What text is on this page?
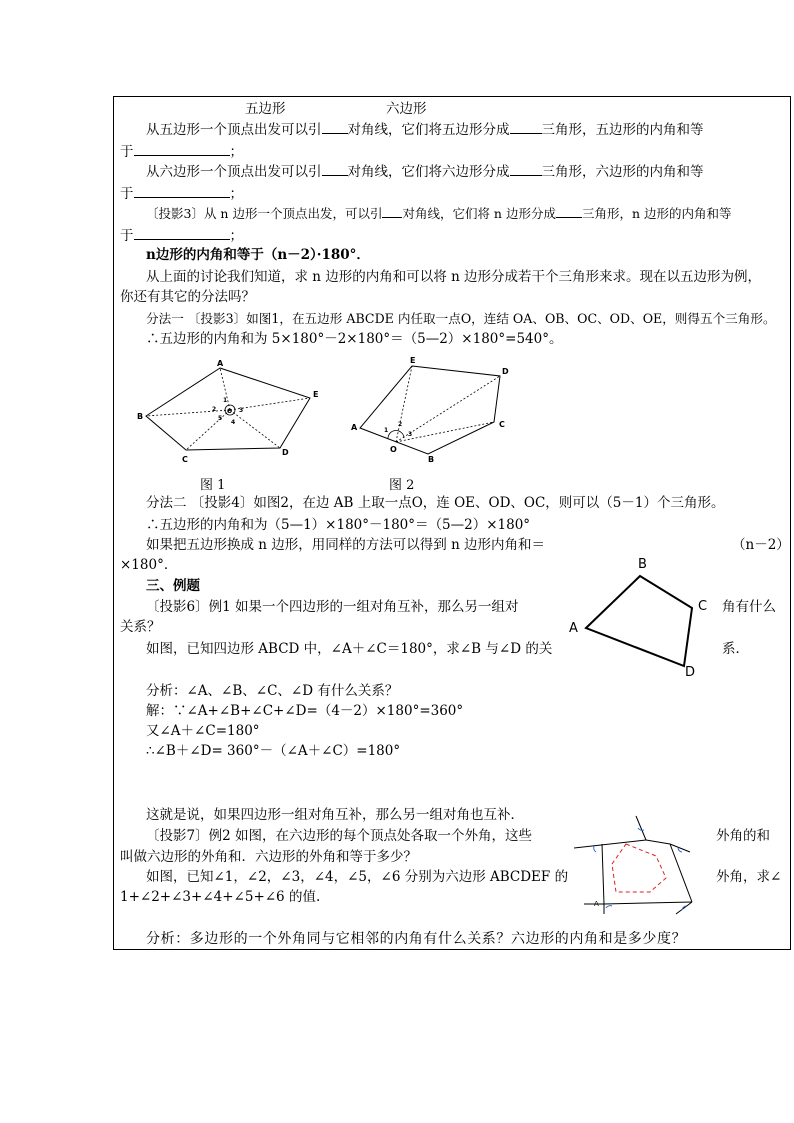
五边形	六边形
从五边形一个顶点出发可以引 对角线，它们将五边形分成 三角形，五边形的内角和等
于	；
从六边形一个顶点出发可以引 对角线，它们将六边形分成 三角形，六边形的内角和等
于	；
〔投影3〕从 n 边形一个顶点出发，可以引 对角线，它们将 n 边形分成 三角形，n 边形的内角和等
于	；
n边形的内角和等于（n－2）·180°．
从上面的讨论我们知道，求 n 边形的内角和可以将 n 边形分成若干个三角形来求。现在以五边形为例，
你还有其它的分法吗？
分法一 〔投影3〕如图1，在五边形 ABCDE 内任取一点O，连结 OA、OB、OC、OD、OE，则得五个三角形。
∴五边形的内角和为 5×180°－2×180°＝（5—2）×180°=540°。
A
E
D
C
B
O
1
2	3
4
5
图 1
E
D
C
B
A
O
1
2
3
图 2
分法二 〔投影4〕如图2，在边 AB 上取一点O，连 OE、OD、OC，则可以（5－1）个三角形。
∴五边形的内角和为（5—1）×180°－180°＝（5—2）×180°
如果把五边形换成 n 边形，用同样的方法可以得到 n 边形内角和＝	（n－2）
×180°．
三、例题
〔投影6〕例1 如果一个四边形的一组对角互补，那么另一组对	角有什么
关系？
如图，已知四边形 ABCD 中，∠A＋∠C＝180°，求∠B 与∠D 的关	系．
A
B
C
D
分析：∠A、∠B、∠C、∠D 有什么关系？
解：∵∠A+∠B+∠C+∠D=（4－2）×180°=360°
又∠A＋∠C=180°
∴∠B＋∠D= 360°－（∠A＋∠C）=180°
这就是说，如果四边形一组对角互补，那么另一组对角也互补．
〔投影7〕例2 如图，在六边形的每个顶点处各取一个外角，这些	外角的和
叫做六边形的外角和．六边形的外角和等于多少？
如图，已知∠1，∠2，∠3，∠4，∠5，∠6 分别为六边形 ABCDEF 的	外角，求∠
1+∠2+∠3+∠4+∠5+∠6 的值.	A
分析：多边形的一个外角同与它相邻的内角有什么关系？六边形的内角和是多少度？
